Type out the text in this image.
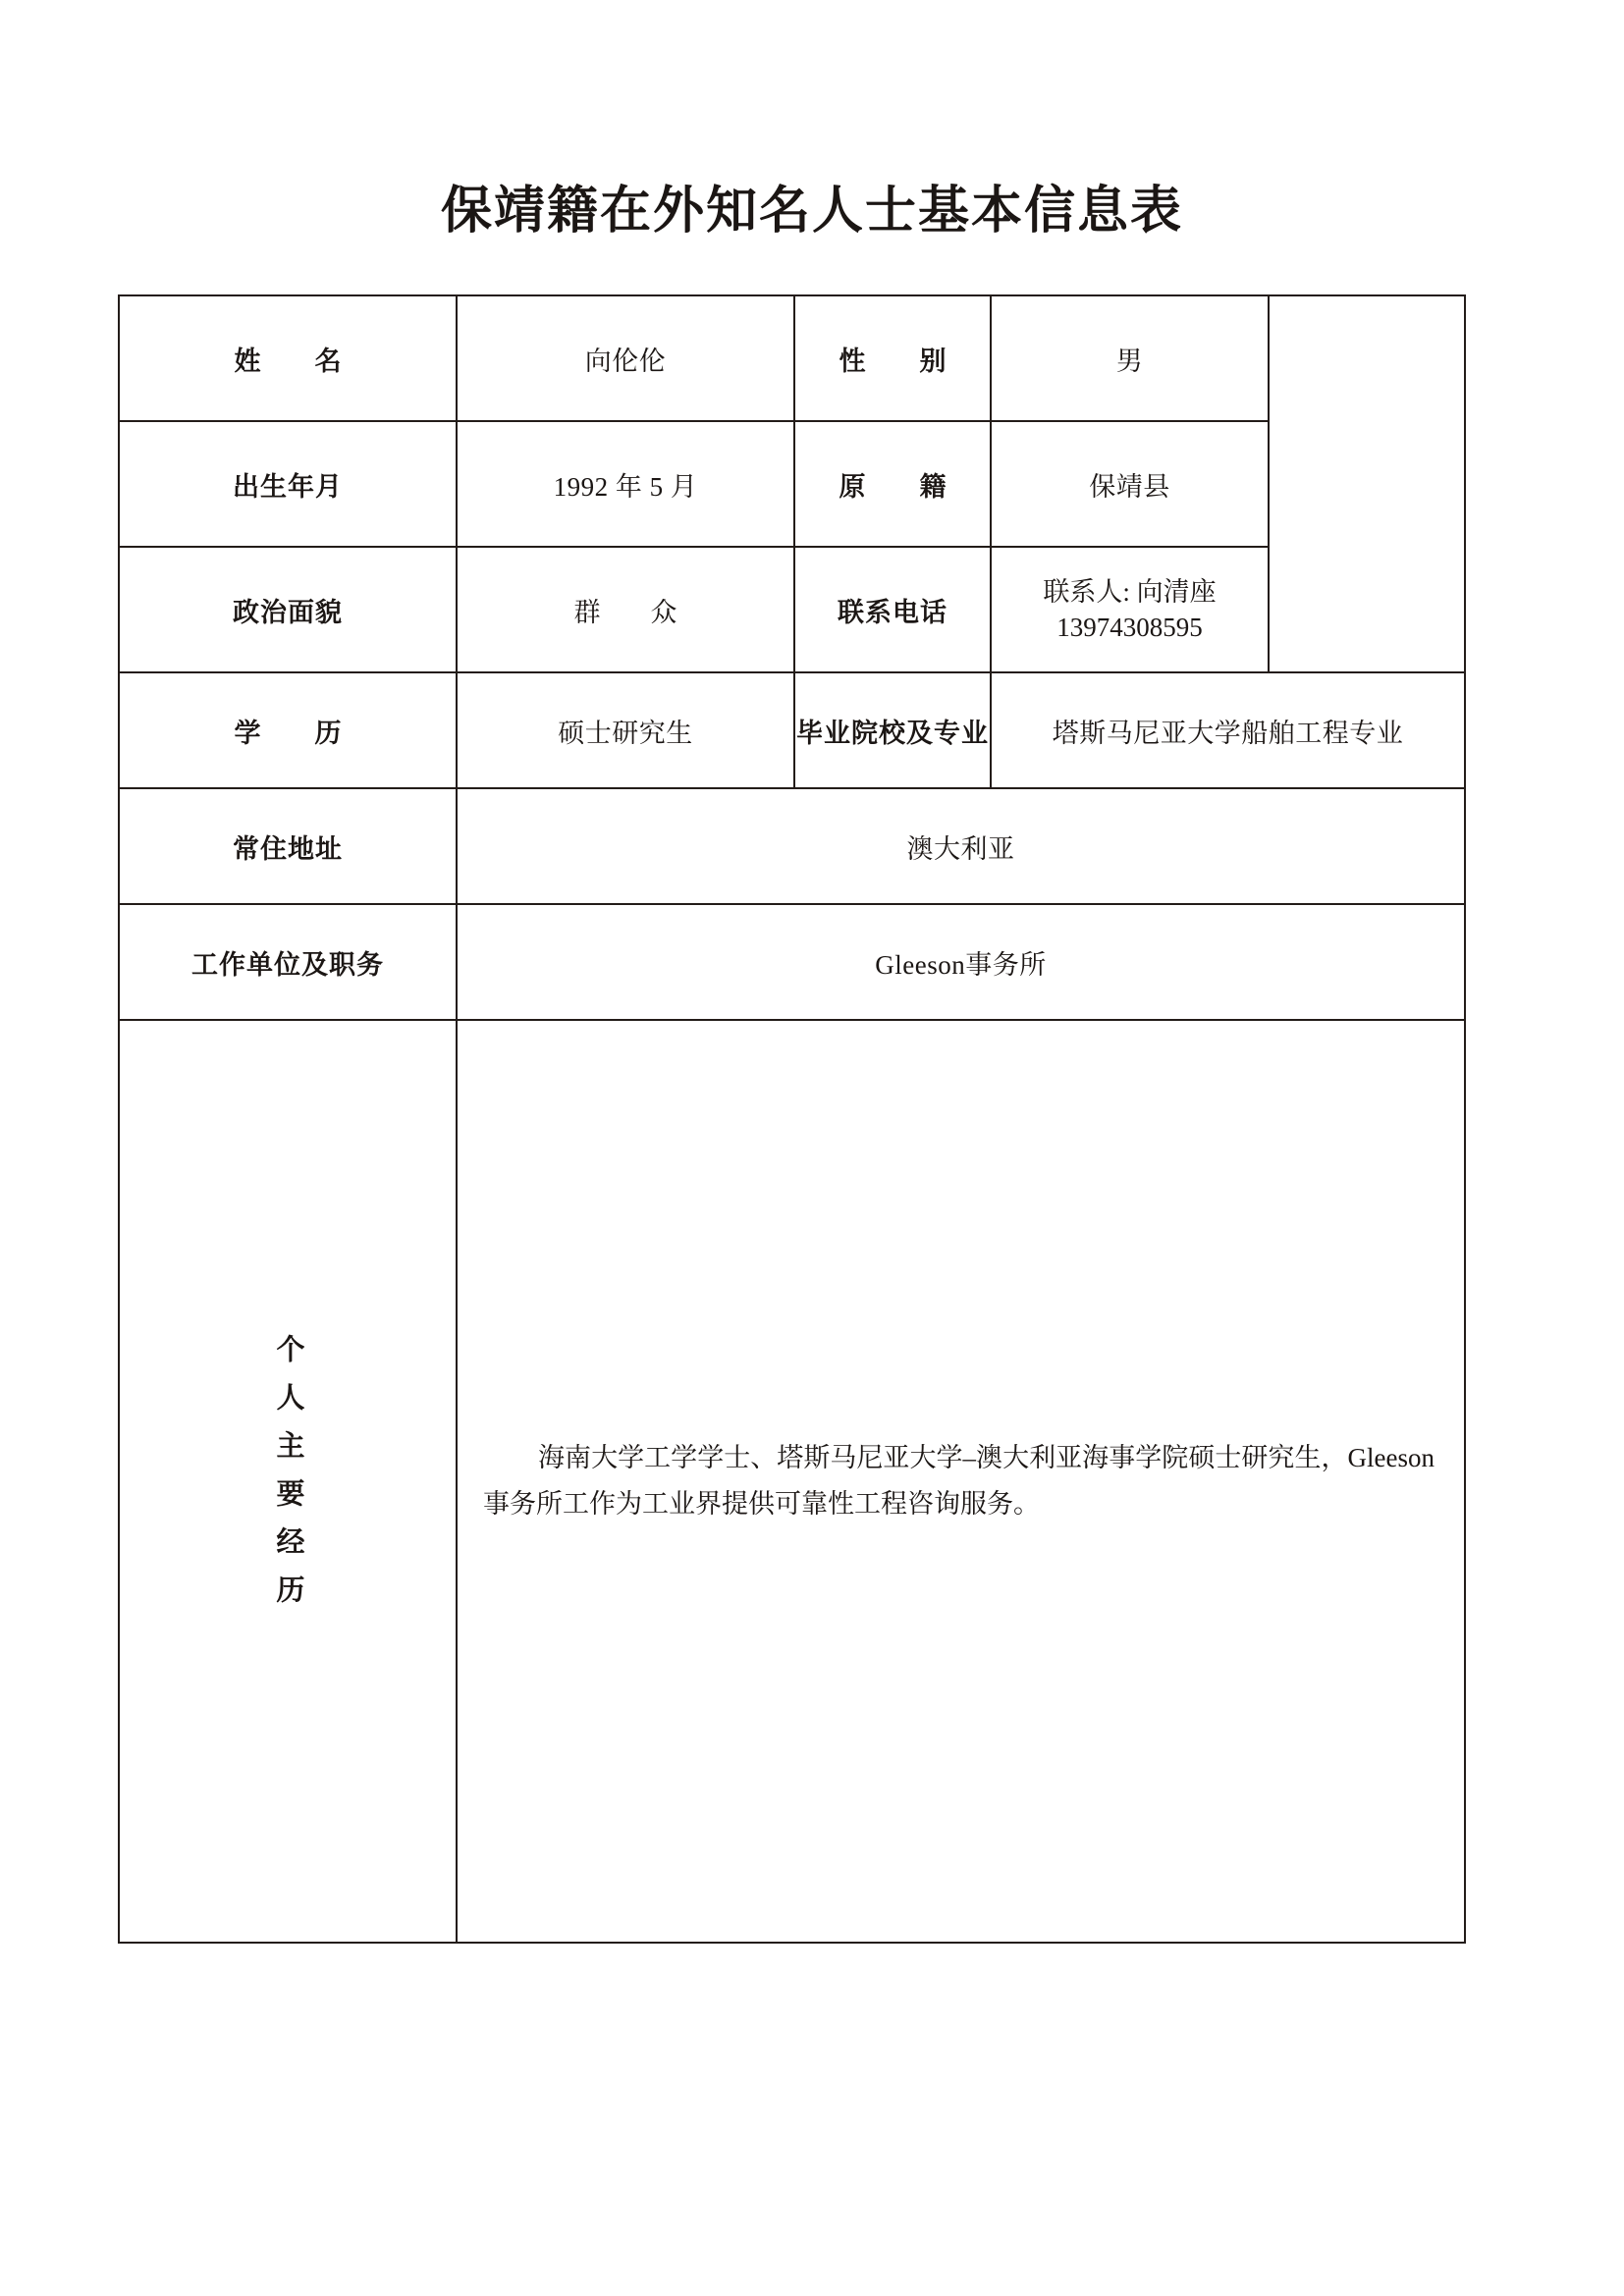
保靖籍在外知名人士基本信息表
姓　名	向伦伦	性　别	男	

出生年月	1992 年 5 月	原　籍	保靖县	
政治面貌	群　众	联系电话	联系人: 向清座
13974308595	

学　历	硕士研究生	毕业院校及专业	塔斯马尼亚大学船舶工程专业	
常住地址	澳大利亚			
工作单位及职务	Gleeson事务所			
个人主要经历	海南大学工学学士、塔斯马尼亚大学–澳大利亚海事学院硕士研究生，Gleeson事务所工作为工业界提供可靠性工程咨询服务。			
